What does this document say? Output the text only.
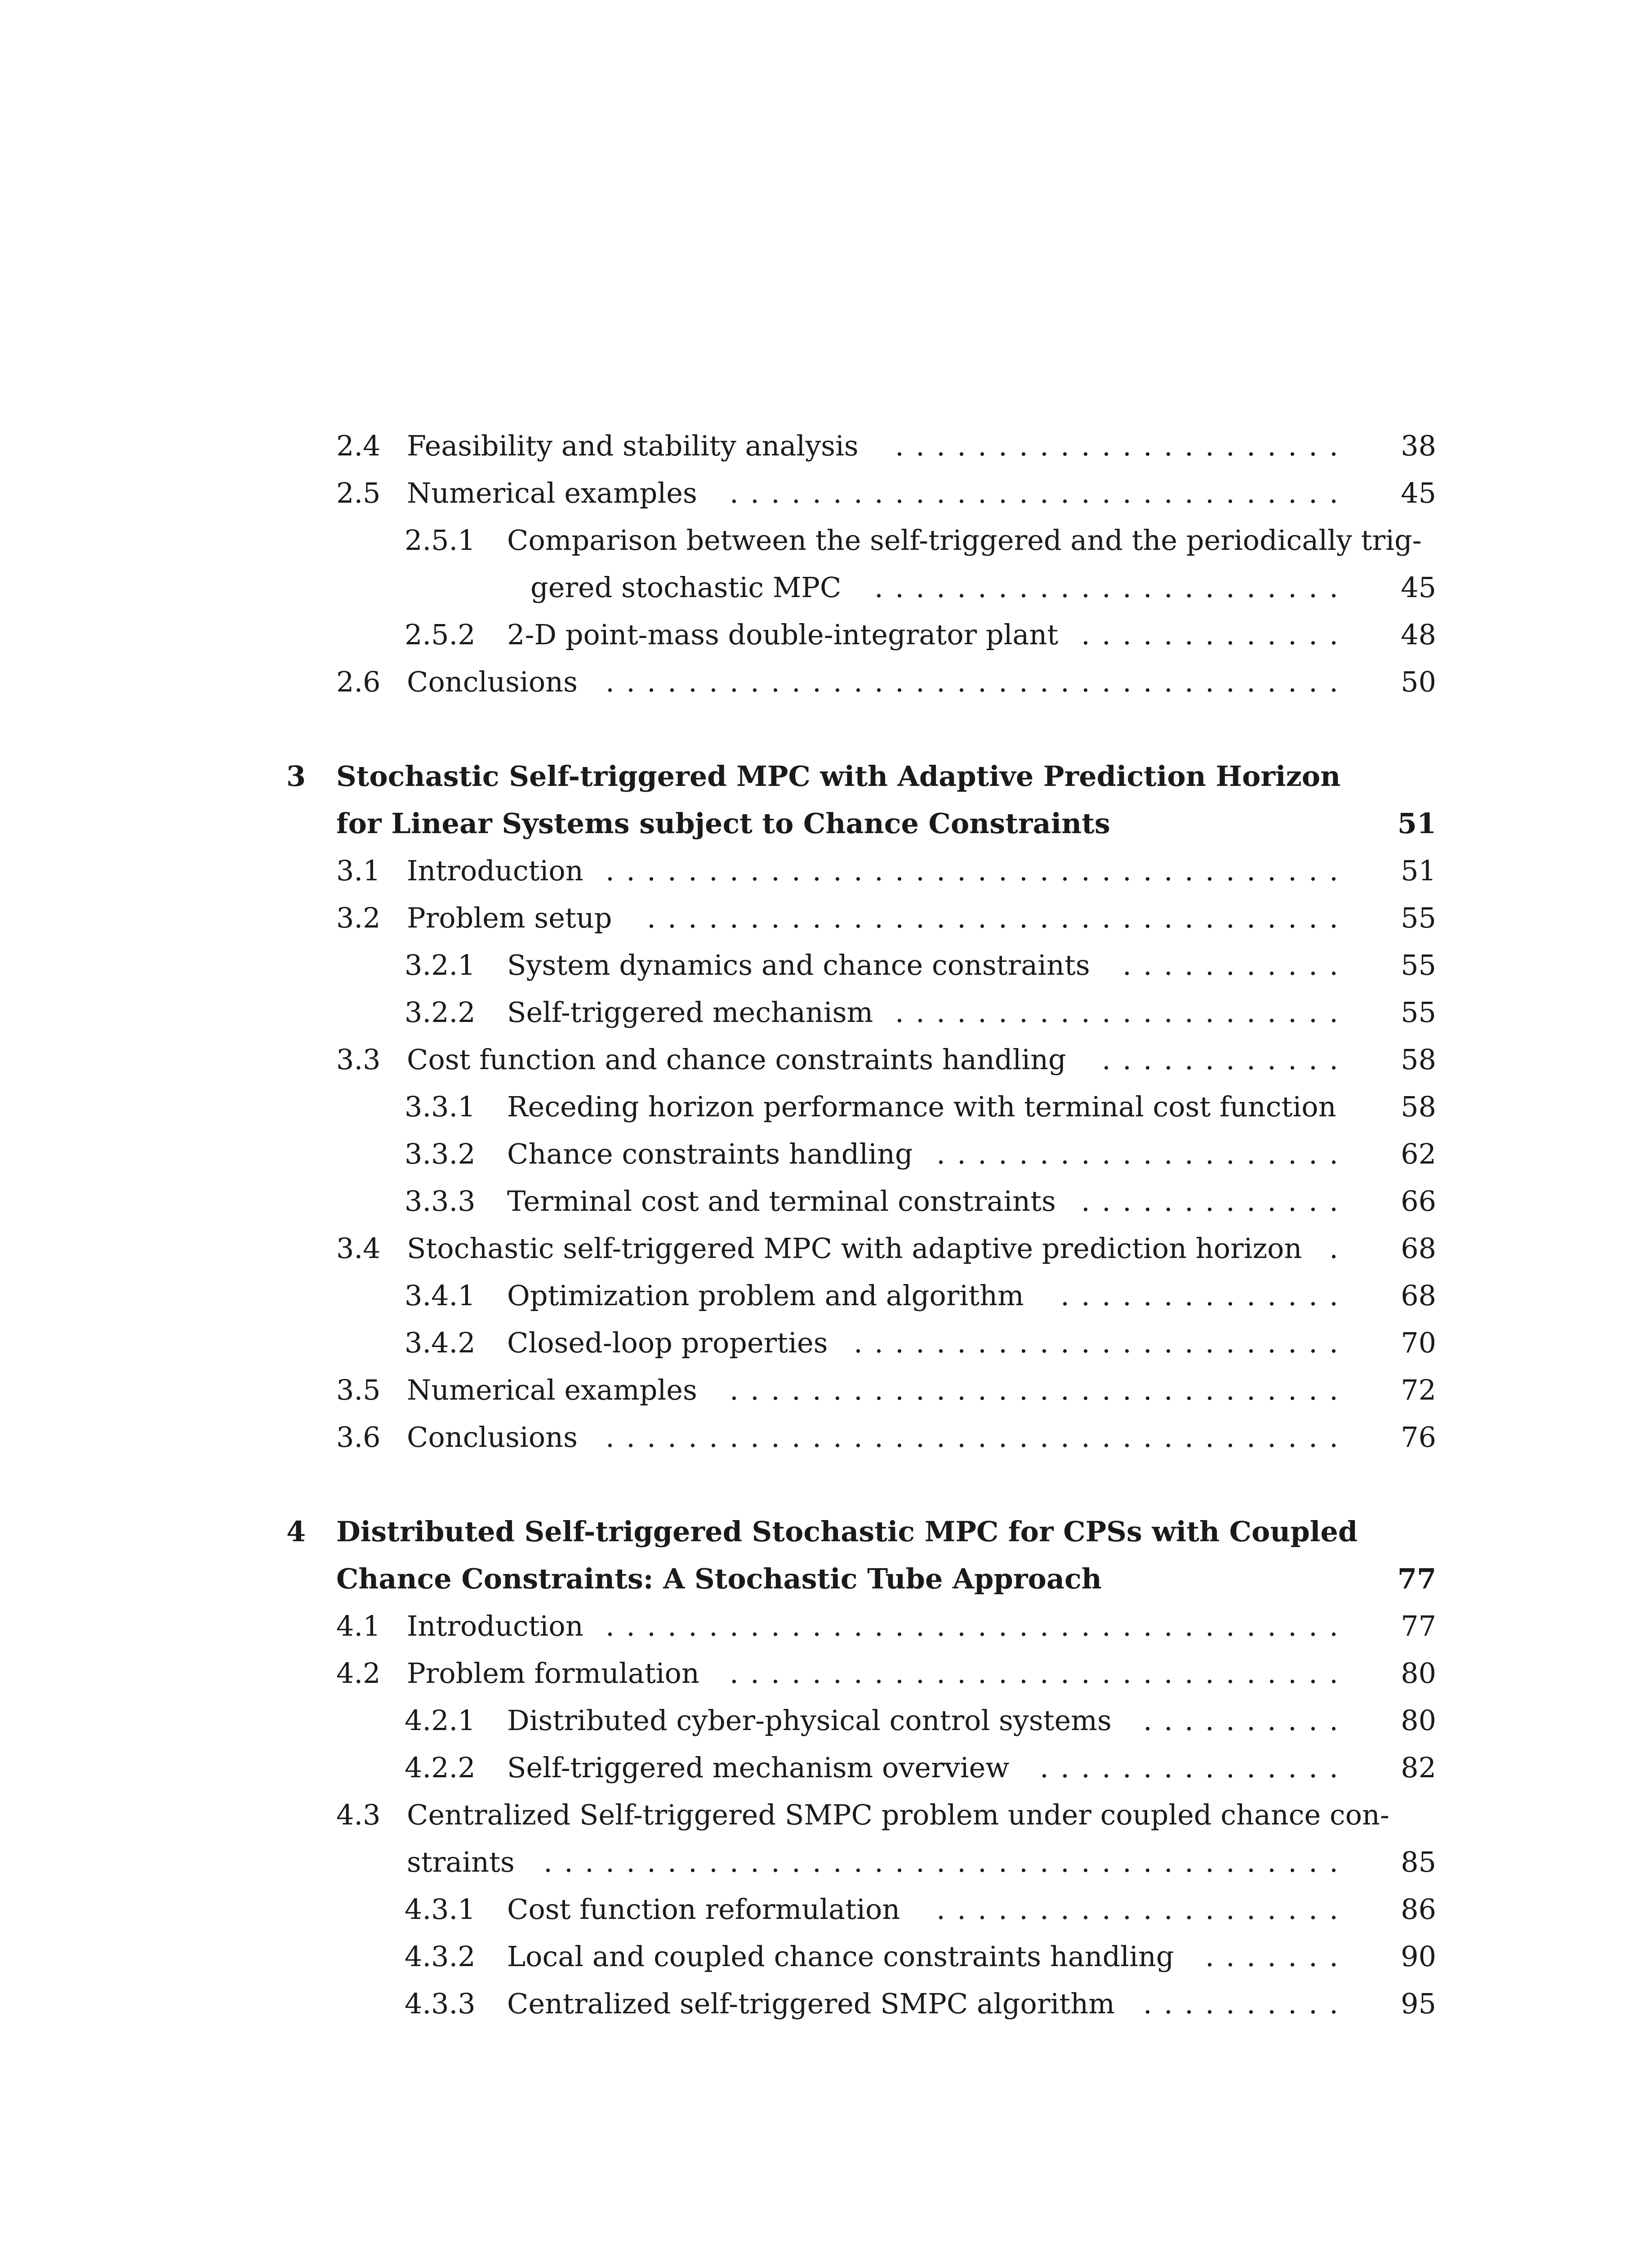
2.4 Feasibility and stability analysis	38
. . . . . . . . . . . . . . . . . . . . . .
2.5 Numerical examples	45
. . . . . . . . . . . . . . . . . . . . . . . . . . . . . .
2.5.1 Comparison between the self-triggered and the periodically trig-
gered stochastic MPC	45
. . . . . . . . . . . . . . . . . . . . . . .
2.5.2 2-D point-mass double-integrator plant	48
. . . . . . . . . . . . .
2.6 Conclusions	50
. . . . . . . . . . . . . . . . . . . . . . . . . . . . . . . . . . . .
3 Stochastic Self-triggered MPC with Adaptive Prediction Horizon
for Linear Systems subject to Chance Constraints	51
3.1 Introduction	51
. . . . . . . . . . . . . . . . . . . . . . . . . . . . . . . . . . . .
3.2 Problem setup	55
. . . . . . . . . . . . . . . . . . . . . . . . . . . . . . . . . .
3.2.1 System dynamics and chance constraints	55
. . . . . . . . . . .
3.2.2 Self-triggered mechanism	55
. . . . . . . . . . . . . . . . . . . . . .
3.3 Cost function and chance constraints handling	58
. . . . . . . . . . . .
3.3.1 Receding horizon performance with terminal cost function	58
3.3.2 Chance constraints handling	62
. . . . . . . . . . . . . . . . . . . .
3.3.3 Terminal cost and terminal constraints	66
. . . . . . . . . . . . .
3.4 Stochastic self-triggered MPC with adaptive prediction horizon	68
.
3.4.1 Optimization problem and algorithm	68
. . . . . . . . . . . . . .
3.4.2 Closed-loop properties	70
. . . . . . . . . . . . . . . . . . . . . . . .
3.5 Numerical examples	72
. . . . . . . . . . . . . . . . . . . . . . . . . . . . . .
3.6 Conclusions	76
. . . . . . . . . . . . . . . . . . . . . . . . . . . . . . . . . . . .
4 Distributed Self-triggered Stochastic MPC for CPSs with Coupled
Chance Constraints: A Stochastic Tube Approach	77
4.1 Introduction	77
. . . . . . . . . . . . . . . . . . . . . . . . . . . . . . . . . . . .
4.2 Problem formulation	80
. . . . . . . . . . . . . . . . . . . . . . . . . . . . . .
4.2.1 Distributed cyber-physical control systems	80
. . . . . . . . . .
4.2.2 Self-triggered mechanism overview	82
. . . . . . . . . . . . . . .
4.3 Centralized Self-triggered SMPC problem under coupled chance con-
straints	85
. . . . . . . . . . . . . . . . . . . . . . . . . . . . . . . . . . . . . . .
4.3.1 Cost function reformulation	86
. . . . . . . . . . . . . . . . . . . .
4.3.2 Local and coupled chance constraints handling	90
. . . . . . .
4.3.3 Centralized self-triggered SMPC algorithm	95
. . . . . . . . . .
